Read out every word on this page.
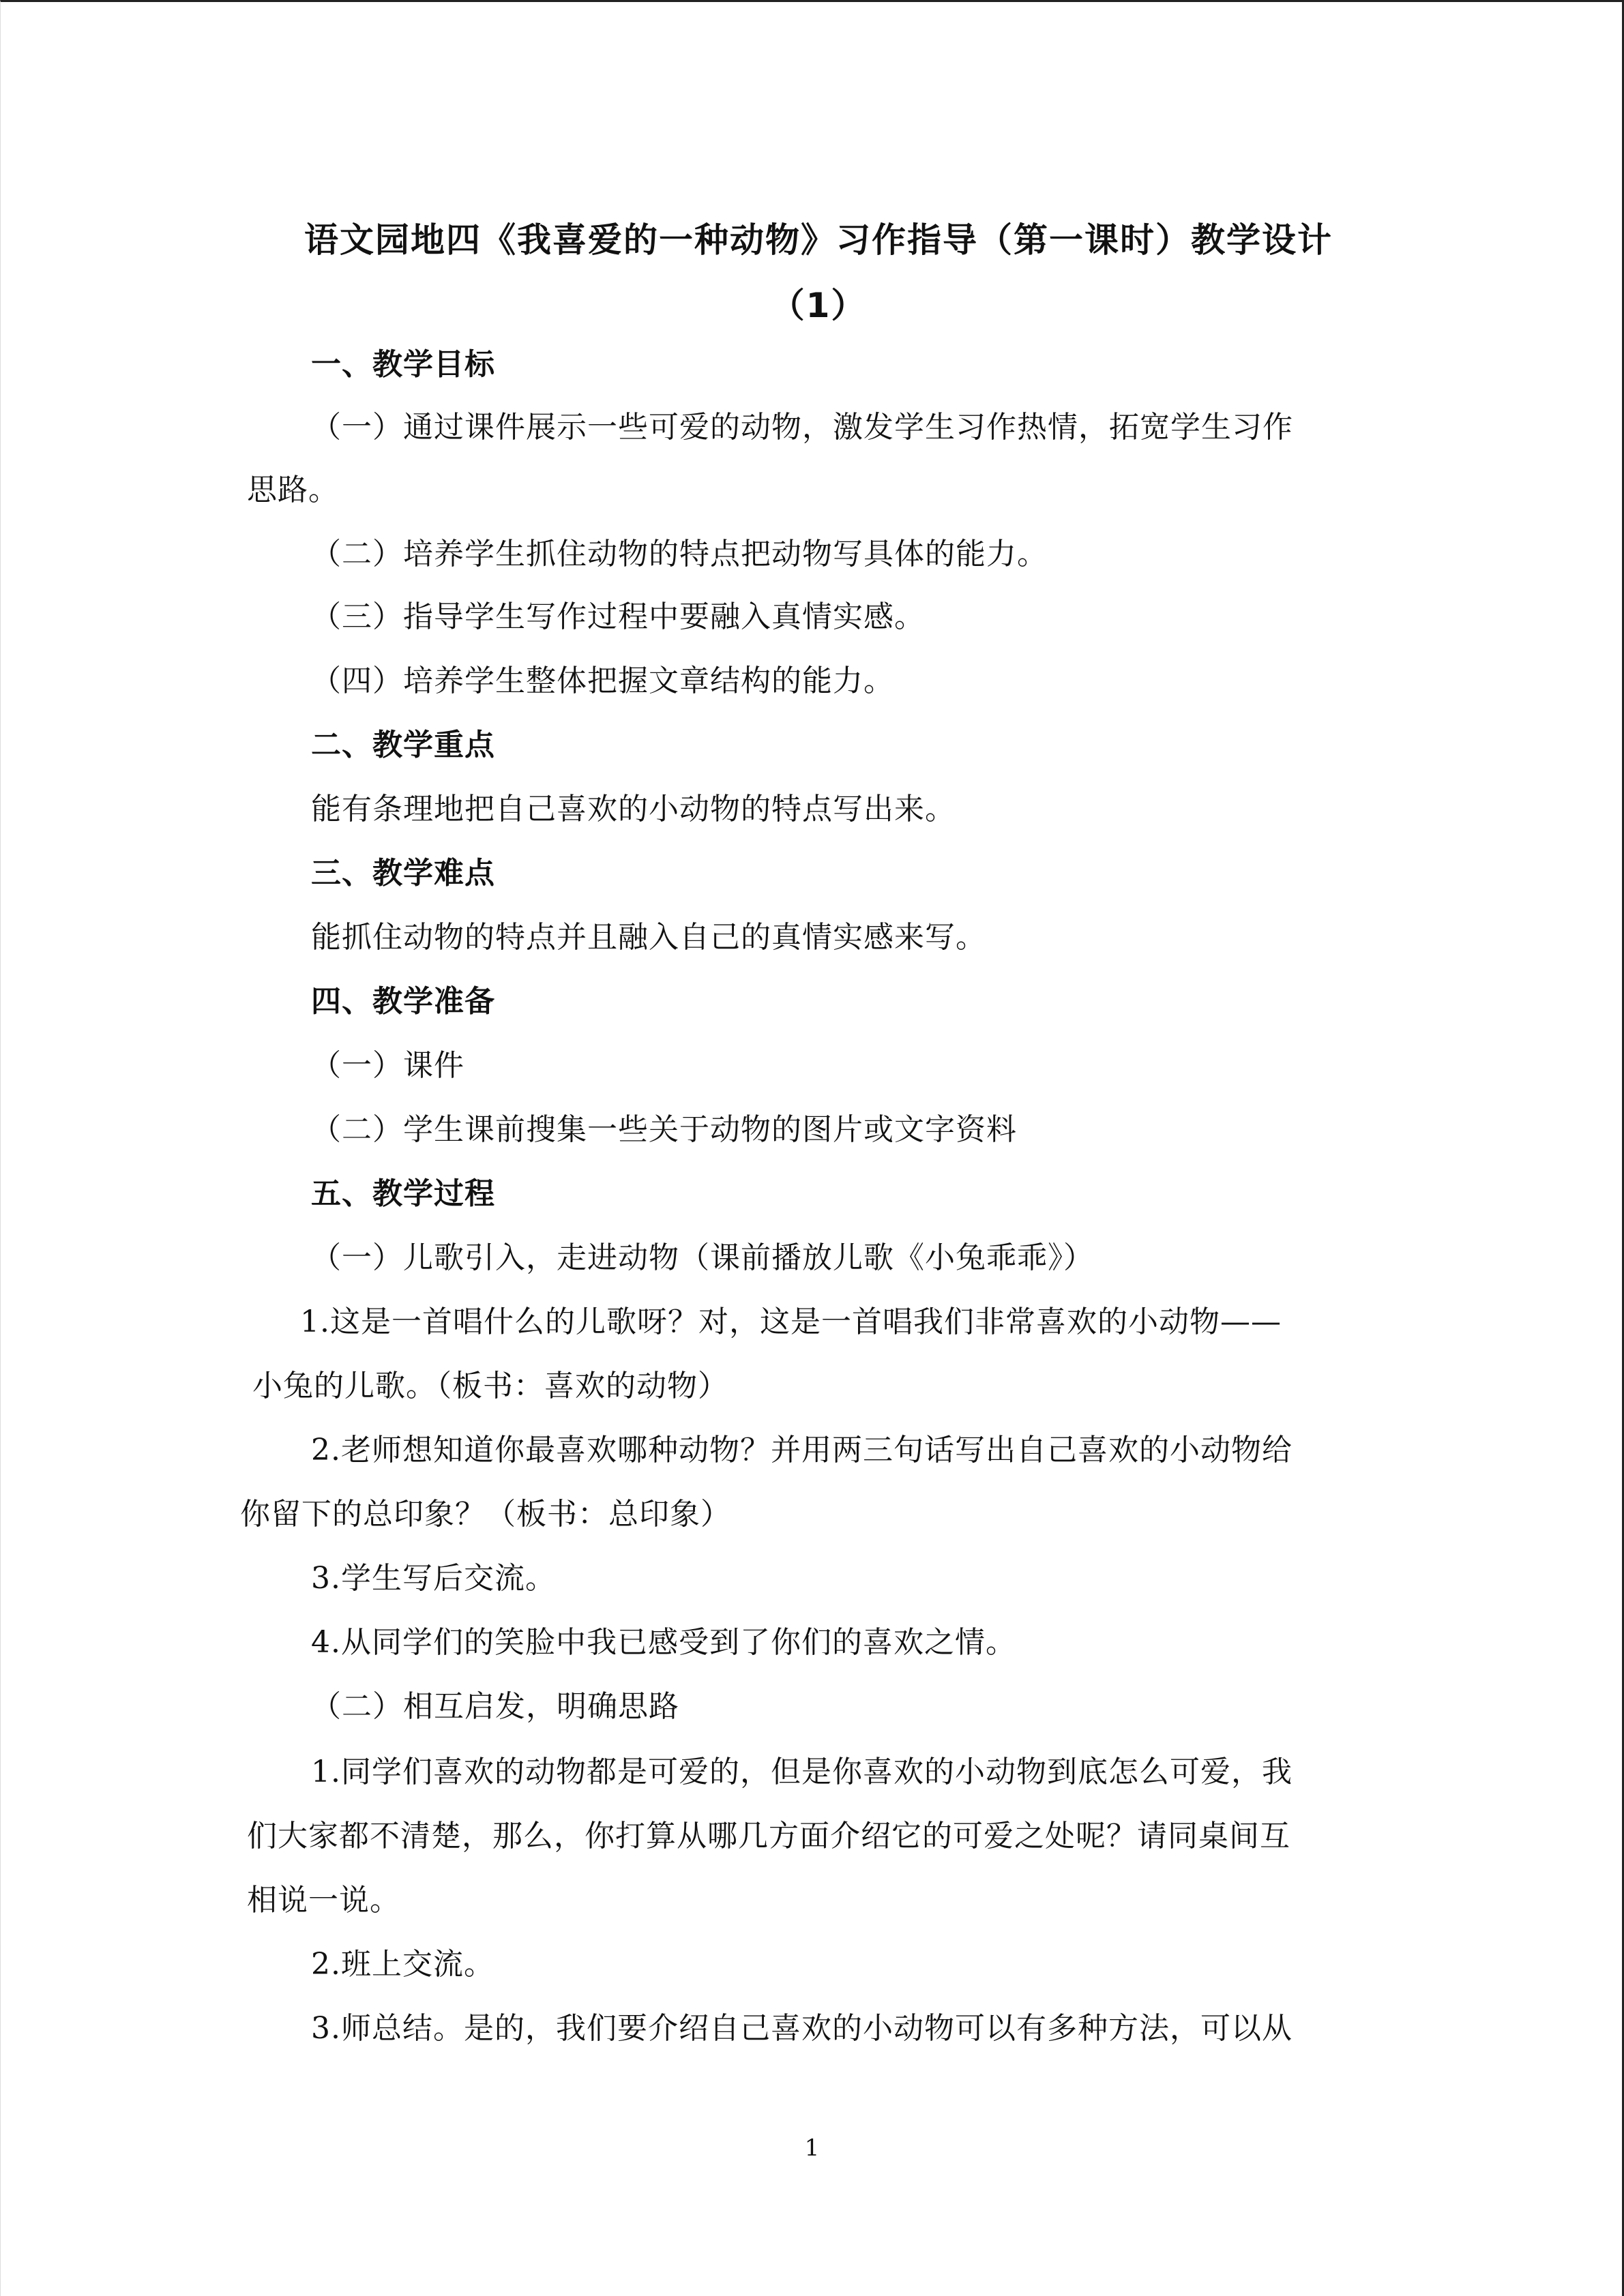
语文园地四《我喜爱的一种动物》习作指导（第一课时）教学设计
（1）
一、教学目标
（一）通过课件展示一些可爱的动物，激发学生习作热情，拓宽学生习作
思路。
（二）培养学生抓住动物的特点把动物写具体的能力。
（三）指导学生写作过程中要融入真情实感。
（四）培养学生整体把握文章结构的能力。
二、教学重点
能有条理地把自己喜欢的小动物的特点写出来。
三、教学难点
能抓住动物的特点并且融入自己的真情实感来写。
四、教学准备
（一）课件
（二）学生课前搜集一些关于动物的图片或文字资料
五、教学过程
（一）儿歌引入，走进动物（课前播放儿歌《小兔乖乖》）
1.这是一首唱什么的儿歌呀？对，这是一首唱我们非常喜欢的小动物——
小兔的儿歌。（板书：喜欢的动物）
2.老师想知道你最喜欢哪种动物？并用两三句话写出自己喜欢的小动物给
你留下的总印象？（板书：总印象）
3.学生写后交流。
4.从同学们的笑脸中我已感受到了你们的喜欢之情。
（二）相互启发，明确思路
1.同学们喜欢的动物都是可爱的，但是你喜欢的小动物到底怎么可爱，我
们大家都不清楚，那么，你打算从哪几方面介绍它的可爱之处呢？请同桌间互
相说一说。
2.班上交流。
3.师总结。是的，我们要介绍自己喜欢的小动物可以有多种方法，可以从
1
